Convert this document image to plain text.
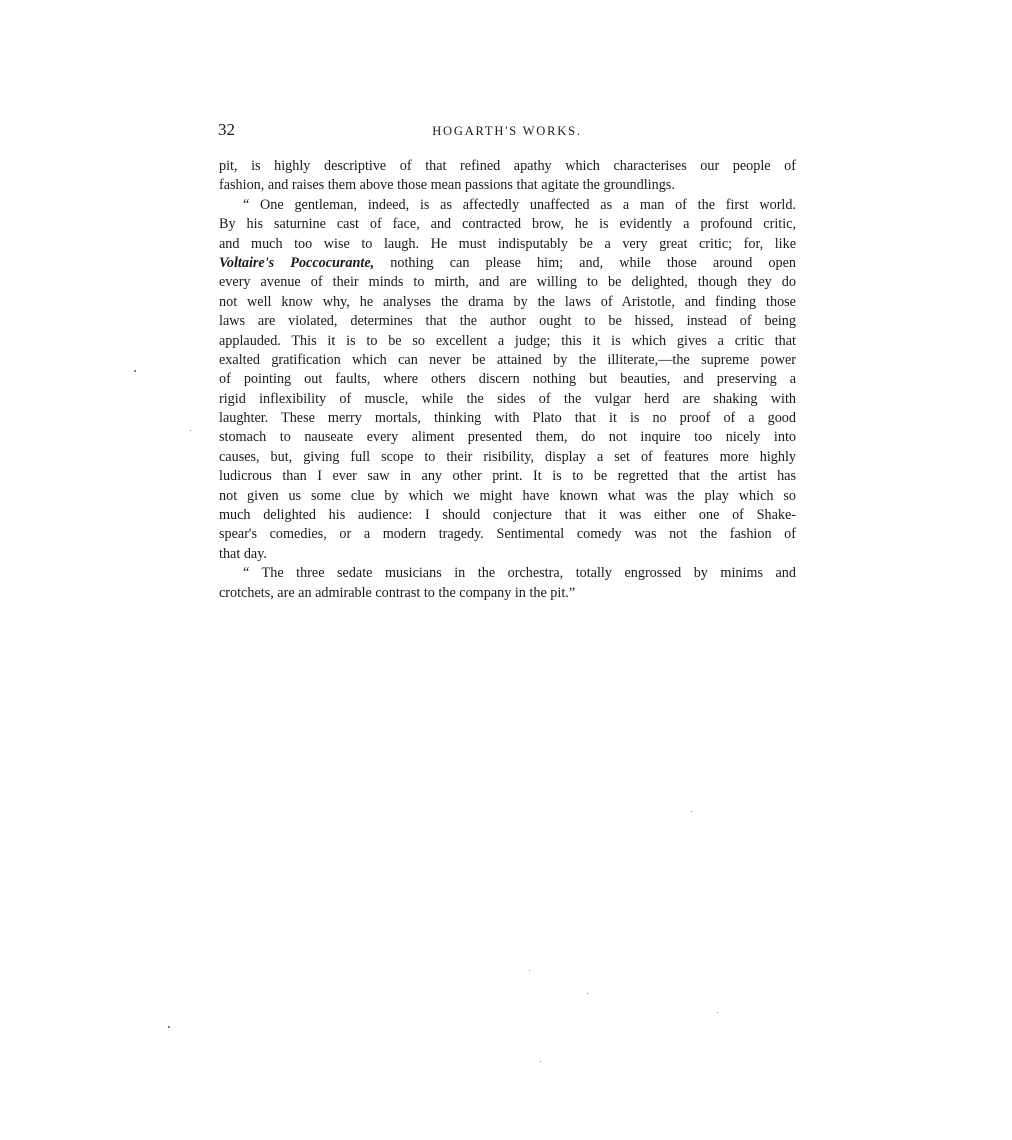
32	HOGARTH'S WORKS.
pit, is highly descriptive of that refined apathy which characterises our people of
fashion, and raises them above those mean passions that agitate the groundlings.
“ One gentleman, indeed, is as affectedly unaffected as a man of the first world.
By his saturnine cast of face, and contracted brow, he is evidently a profound critic,
and much too wise to laugh. He must indisputably be a very great critic; for, like
Voltaire's Poccocurante, nothing can please him; and, while those around open
every avenue of their minds to mirth, and are willing to be delighted, though they do
not well know why, he analyses the drama by the laws of Aristotle, and finding those
laws are violated, determines that the author ought to be hissed, instead of being
applauded. This it is to be so excellent a judge; this it is which gives a critic that
exalted gratification which can never be attained by the illiterate,—the supreme power
of pointing out faults, where others discern nothing but beauties, and preserving a
rigid inflexibility of muscle, while the sides of the vulgar herd are shaking with
laughter. These merry mortals, thinking with Plato that it is no proof of a good
stomach to nauseate every aliment presented them, do not inquire too nicely into
causes, but, giving full scope to their risibility, display a set of features more highly
ludicrous than I ever saw in any other print. It is to be regretted that the artist has
not given us some clue by which we might have known what was the play which so
much delighted his audience: I should conjecture that it was either one of Shake-
spear's comedies, or a modern tragedy. Sentimental comedy was not the fashion of
that day.
“ The three sedate musicians in the orchestra, totally engrossed by minims and
crotchets, are an admirable contrast to the company in the pit.”
